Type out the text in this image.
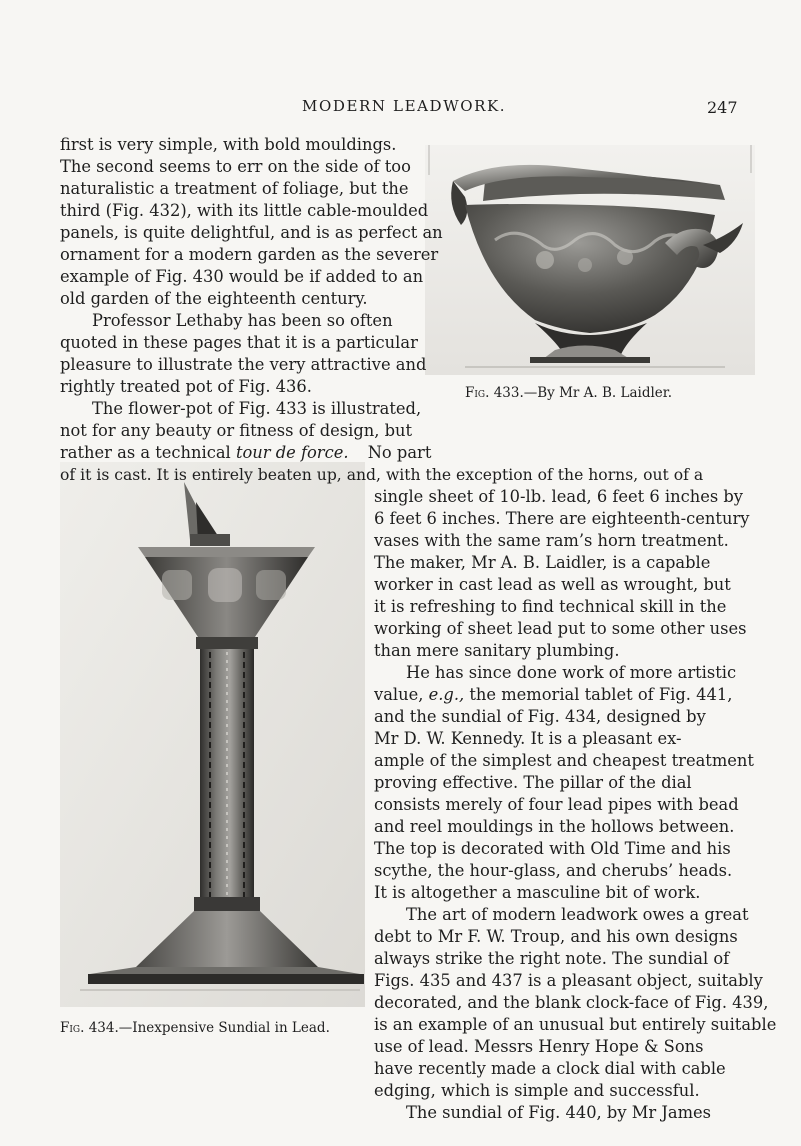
MODERN LEADWORK.	247
Fig. 433.—By Mr A. B. Laidler.
Fig. 434.—Inexpensive Sundial in Lead.
first is very simple, with bold mouldings.
The second seems to err on the side of too
naturalistic a treatment of foliage, but the
third (Fig. 432), with its little cable-moulded
panels, is quite delightful, and is as perfect an
ornament for a modern garden as the severer
example of Fig. 430 would be if added to an
old garden of the eighteenth century.
Professor Lethaby has been so often
quoted in these pages that it is a particular
pleasure to illustrate the very attractive and
rightly treated pot of Fig. 436.
The flower-pot of Fig. 433 is illustrated,
not for any beauty or fitness of design, but
rather as a technical tour de force. No part
of it is cast. It is entirely beaten up, and, with the exception of the horns, out of a
single sheet of 10-lb. lead, 6 feet 6 inches by
6 feet 6 inches. There are eighteenth-century
vases with the same ram’s horn treatment.
The maker, Mr A. B. Laidler, is a capable
worker in cast lead as well as wrought, but
it is refreshing to find technical skill in the
working of sheet lead put to some other uses
than mere sanitary plumbing.
He has since done work of more artistic
value, e.g., the memorial tablet of Fig. 441,
and the sundial of Fig. 434, designed by
Mr D. W. Kennedy. It is a pleasant ex-
ample of the simplest and cheapest treatment
proving effective. The pillar of the dial
consists merely of four lead pipes with bead
and reel mouldings in the hollows between.
The top is decorated with Old Time and his
scythe, the hour-glass, and cherubs’ heads.
It is altogether a masculine bit of work.
The art of modern leadwork owes a great
debt to Mr F. W. Troup, and his own designs
always strike the right note. The sundial of
Figs. 435 and 437 is a pleasant object, suitably
decorated, and the blank clock-face of Fig. 439,
is an example of an unusual but entirely suitable
use of lead. Messrs Henry Hope & Sons
have recently made a clock dial with cable
edging, which is simple and successful.
The sundial of Fig. 440, by Mr James
